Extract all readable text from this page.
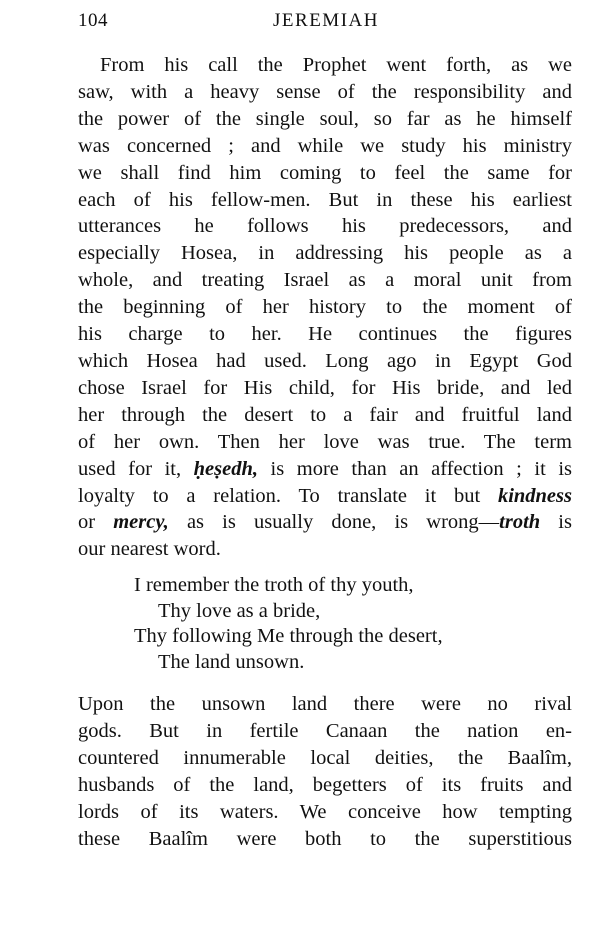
104	JEREMIAH
From his call the Prophet went forth, as we
saw, with a heavy sense of the responsibility and
the power of the single soul, so far as he himself
was concerned ; and while we study his ministry
we shall find him coming to feel the same for
each of his fellow-men. But in these his earliest
utterances he follows his predecessors, and
especially Hosea, in addressing his people as a
whole, and treating Israel as a moral unit from
the beginning of her history to the moment of
his charge to her. He continues the figures
which Hosea had used. Long ago in Egypt God
chose Israel for His child, for His bride, and led
her through the desert to a fair and fruitful land
of her own. Then her love was true. The term
used for it, ḥeṣedh, is more than an affection ; it is
loyalty to a relation. To translate it but kindness
or mercy, as is usually done, is wrong—troth is
our nearest word.
I remember the troth of thy youth,
Thy love as a bride,
Thy following Me through the desert,
The land unsown.
Upon the unsown land there were no rival
gods. But in fertile Canaan the nation en-
countered innumerable local deities, the Baalîm,
husbands of the land, begetters of its fruits and
lords of its waters. We conceive how tempting
these Baalîm were both to the superstitious
